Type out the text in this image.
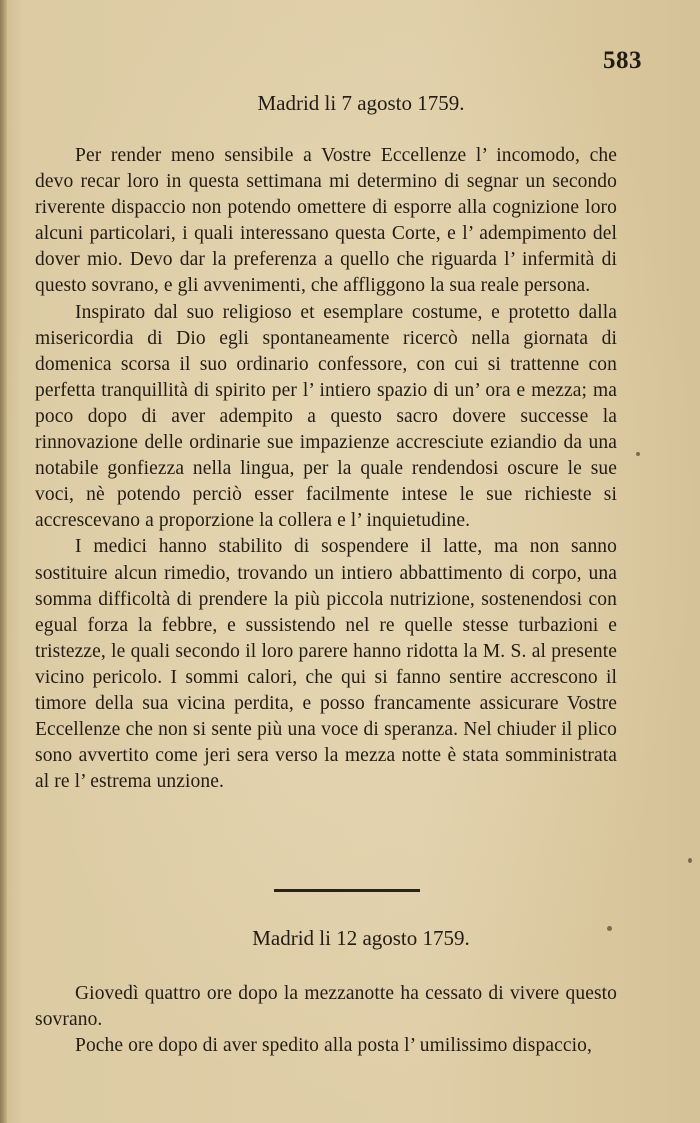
583
Madrid li 7 agosto 1759.

Per render meno sensibile a Vostre Eccellenze l’ incomodo, che devo recar loro in questa settimana mi determino di segnar un secondo riverente dispaccio non potendo omettere di esporre alla cognizione loro alcuni particolari, i quali interessano questa Corte, e l’ adempimento del dover mio. Devo dar la preferenza a quello che riguarda l’ infermità di questo sovrano, e gli avvenimenti, che affliggono la sua reale persona.

Inspirato dal suo religioso et esemplare costume, e protetto dalla misericordia di Dio egli spontaneamente ricercò nella giornata di domenica scorsa il suo ordinario confessore, con cui si trattenne con perfetta tranquillità di spirito per l’ intiero spazio di un’ ora e mezza; ma poco dopo di aver adempito a questo sacro dovere successe la rinnovazione delle ordinarie sue impazienze accresciute eziandio da una notabile gonfiezza nella lingua, per la quale rendendosi oscure le sue voci, nè potendo perciò esser facilmente intese le sue richieste si accrescevano a proporzione la collera e l’ inquietudine.

I medici hanno stabilito di sospendere il latte, ma non sanno sostituire alcun rimedio, trovando un intiero abbattimento di corpo, una somma difficoltà di prendere la più piccola nutrizione, sostenendosi con egual forza la febbre, e sussistendo nel re quelle stesse turbazioni e tristezze, le quali secondo il loro parere hanno ridotta la M. S. al presente vicino pericolo. I sommi calori, che qui si fanno sentire accrescono il timore della sua vicina perdita, e posso francamente assicurare Vostre Eccellenze che non si sente più una voce di speranza. Nel chiuder il plico sono avvertito come jeri sera verso la mezza notte è stata somministrata al re l’ estrema unzione.

Madrid li 12 agosto 1759.

Giovedì quattro ore dopo la mezzanotte ha cessato di vivere questo sovrano.

Poche ore dopo di aver spedito alla posta l’ umilissimo dispaccio,
